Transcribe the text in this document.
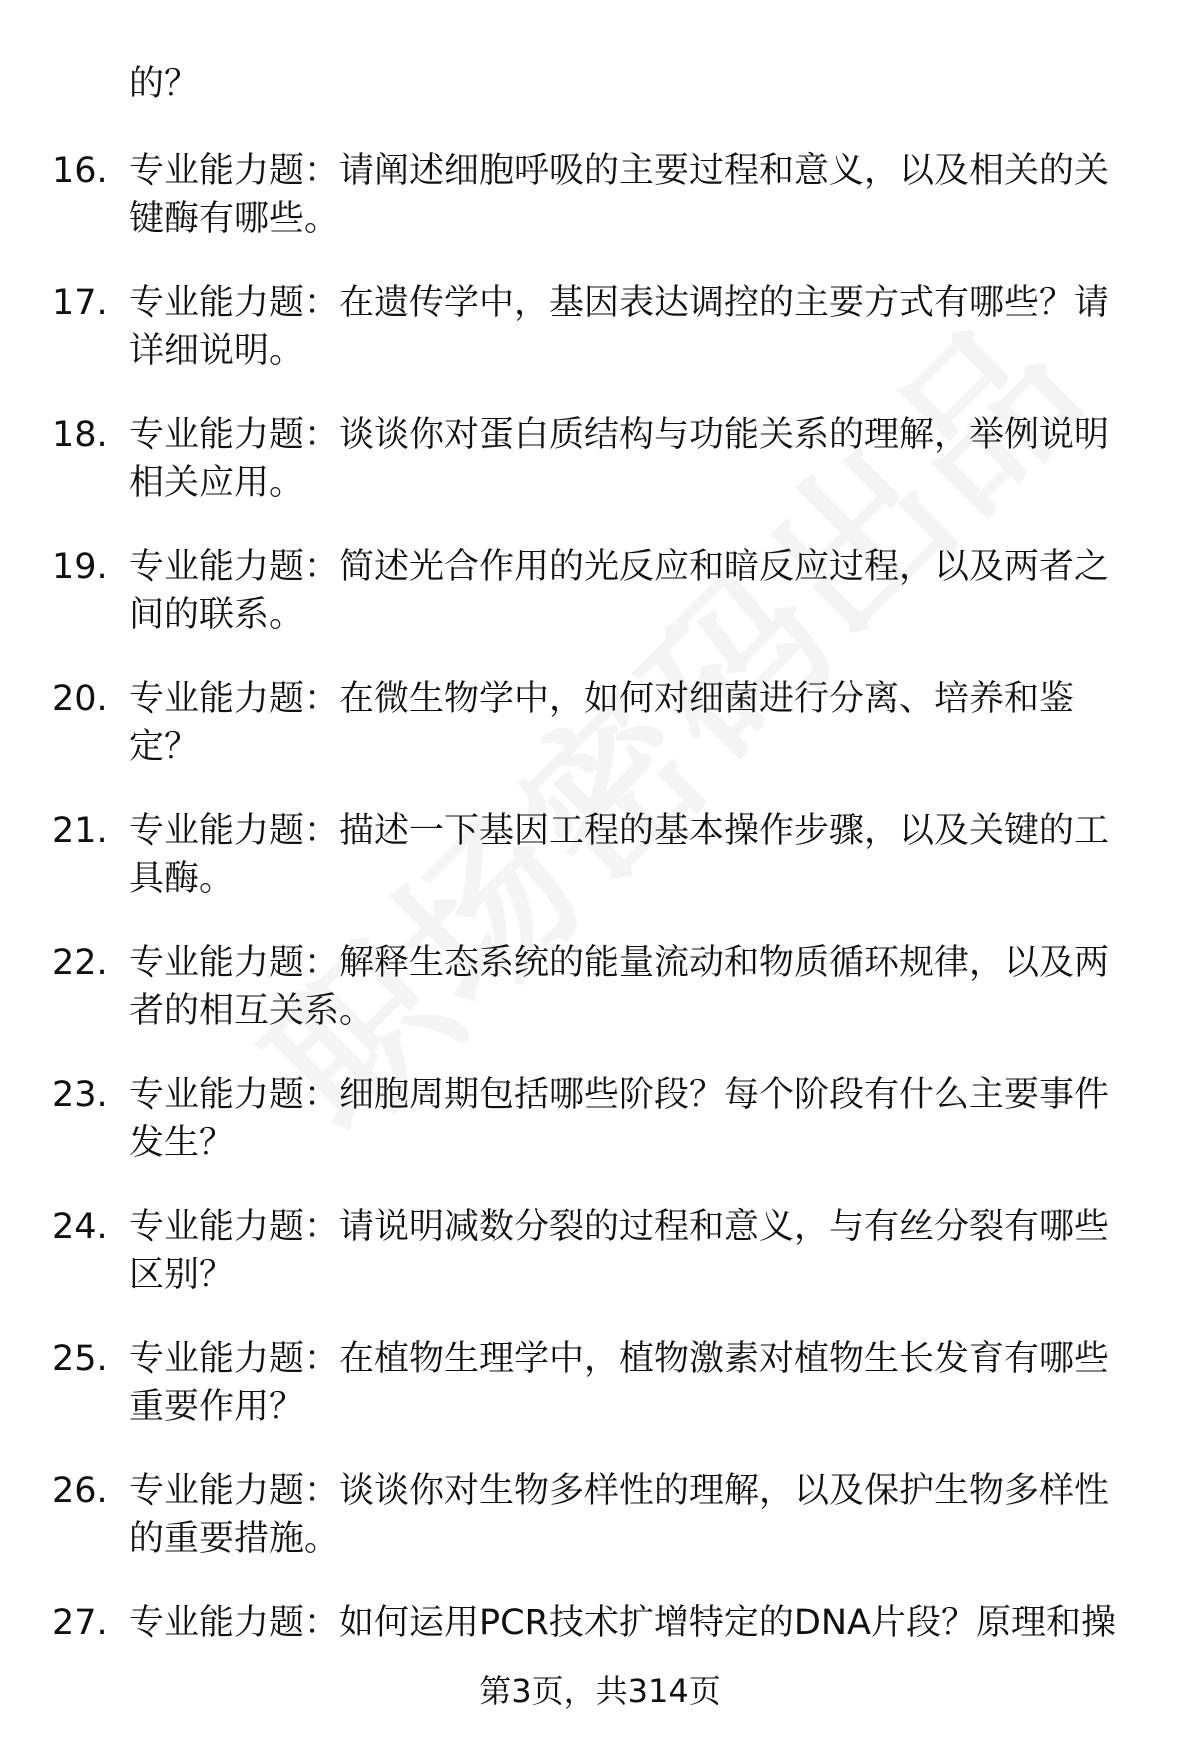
的？

16. 专业能力题：请阐述细胞呼吸的主要过程和意义，以及相关的关键酶有哪些。
17. 专业能力题：在遗传学中，基因表达调控的主要方式有哪些？请详细说明。
18. 专业能力题：谈谈你对蛋白质结构与功能关系的理解，举例说明相关应用。
19. 专业能力题：简述光合作用的光反应和暗反应过程，以及两者之间的联系。
20. 专业能力题：在微生物学中，如何对细菌进行分离、培养和鉴定？
21. 专业能力题：描述一下基因工程的基本操作步骤，以及关键的工具酶。
22. 专业能力题：解释生态系统的能量流动和物质循环规律，以及两者的相互关系。
23. 专业能力题：细胞周期包括哪些阶段？每个阶段有什么主要事件发生？
24. 专业能力题：请说明减数分裂的过程和意义，与有丝分裂有哪些区别？
25. 专业能力题：在植物生理学中，植物激素对植物生长发育有哪些重要作用？
26. 专业能力题：谈谈你对生物多样性的理解，以及保护生物多样性的重要措施。
27. 专业能力题：如何运用PCR技术扩增特定的DNA片段？原理和操

第3页，共314页
